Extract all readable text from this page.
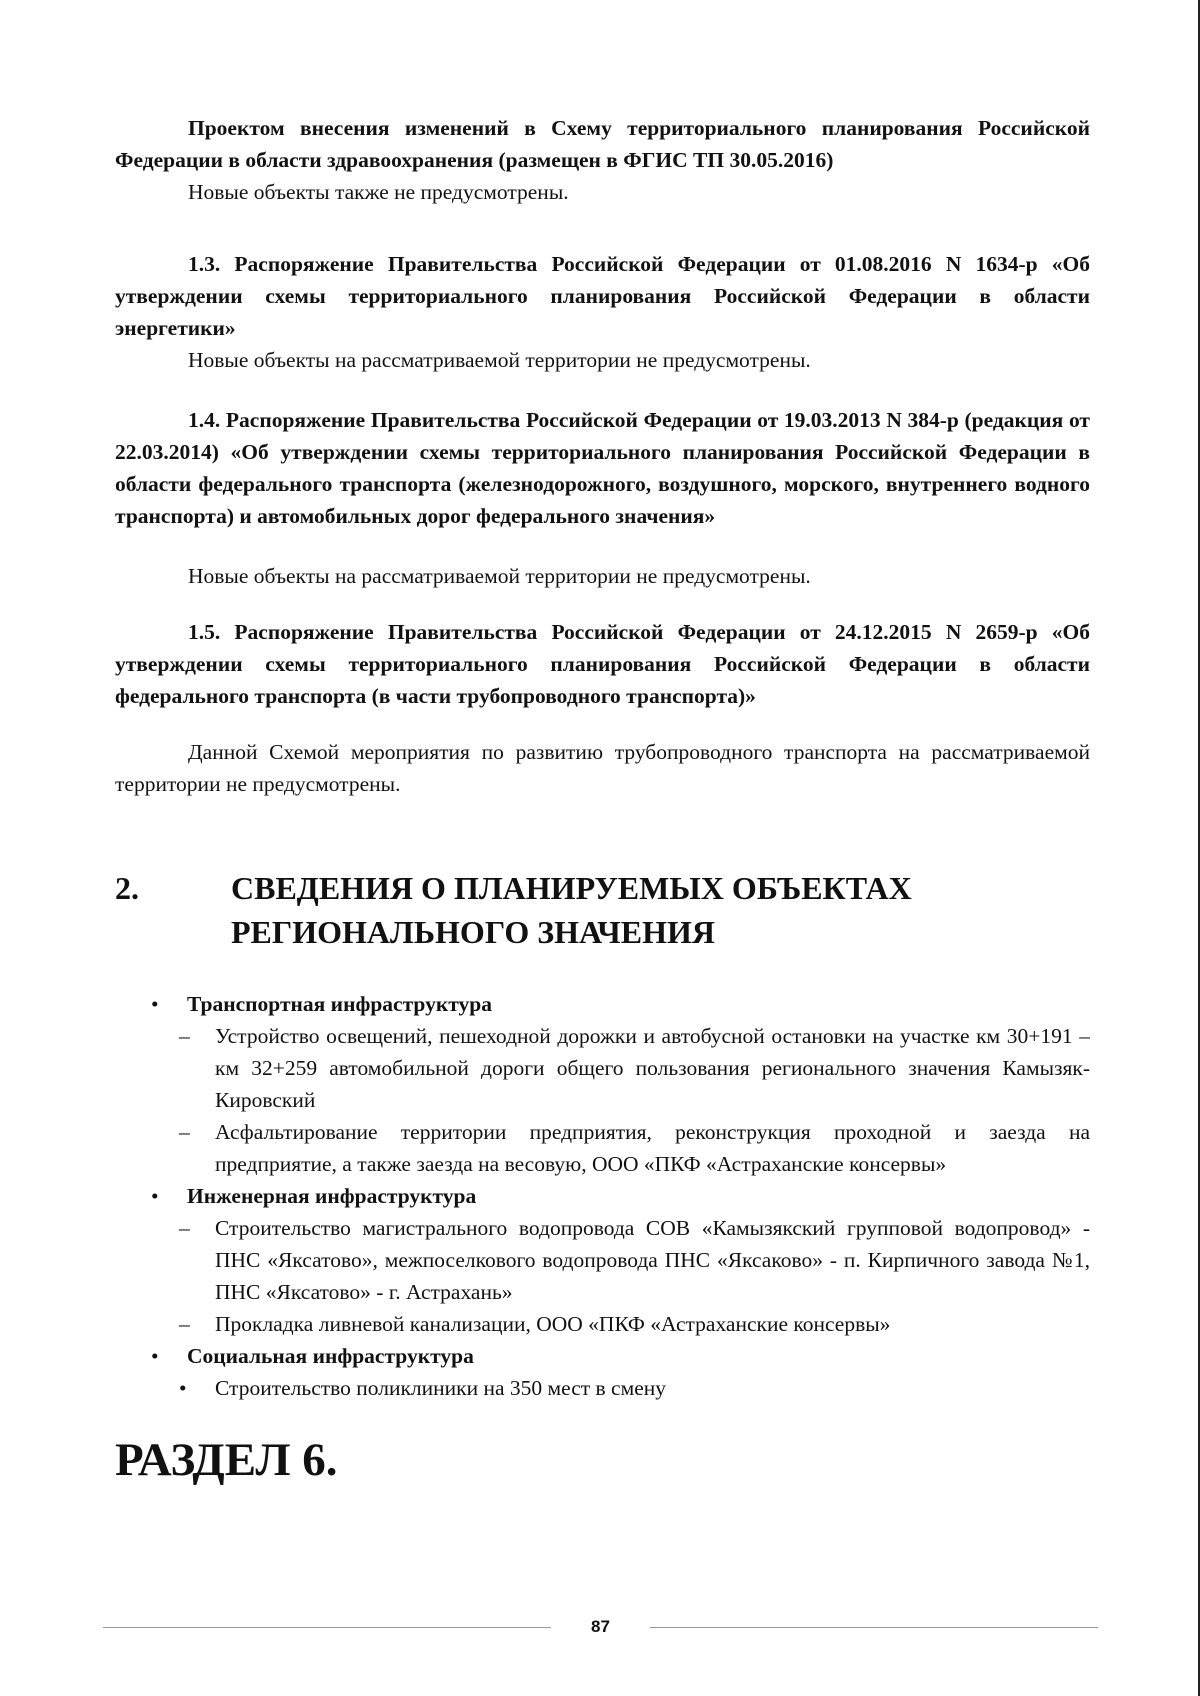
Проектом внесения изменений в Схему территориального планирования Российской Федерации в области здравоохранения (размещен в ФГИС ТП 30.05.2016)

Новые объекты также не предусмотрены.

1.3. Распоряжение Правительства Российской Федерации от 01.08.2016 N 1634-р «Об утверждении схемы территориального планирования Российской Федерации в области энергетики»

Новые объекты на рассматриваемой территории не предусмотрены.

1.4. Распоряжение Правительства Российской Федерации от 19.03.2013 N 384-р (редакция от 22.03.2014) «Об утверждении схемы территориального планирования Российской Федерации в области федерального транспорта (железнодорожного, воздушного, морского, внутреннего водного транспорта) и автомобильных дорог федерального значения»

Новые объекты на рассматриваемой территории не предусмотрены.

1.5. Распоряжение Правительства Российской Федерации от 24.12.2015 N 2659-р «Об утверждении схемы территориального планирования Российской Федерации в области федерального транспорта (в части трубопроводного транспорта)»

Данной Схемой мероприятия по развитию трубопроводного транспорта на рассматриваемой территории не предусмотрены.

2.	СВЕДЕНИЯ О ПЛАНИРУЕМЫХ ОБЪЕКТАХ
РЕГИОНАЛЬНОГО ЗНАЧЕНИЯ
• Транспортная инфраструктура
– Устройство освещений, пешеходной дорожки и автобусной остановки на участке км 30+191 – км 32+259 автомобильной дороги общего пользования регионального значения Камызяк-Кировский
– Асфальтирование территории предприятия, реконструкция проходной и заезда на предприятие, а также заезда на весовую, ООО «ПКФ «Астраханские консервы»
• Инженерная инфраструктура
– Строительство магистрального водопровода СОВ «Камызякский групповой водопровод» - ПНС «Яксатово», межпоселкового водопровода ПНС «Яксаково» - п. Кирпичного завода №1, ПНС «Яксатово» - г. Астрахань»
– Прокладка ливневой канализации, ООО «ПКФ «Астраханские консервы»
• Социальная инфраструктура
• Строительство поликлиники на 350 мест в смену
РАЗДЕЛ 6.
87
